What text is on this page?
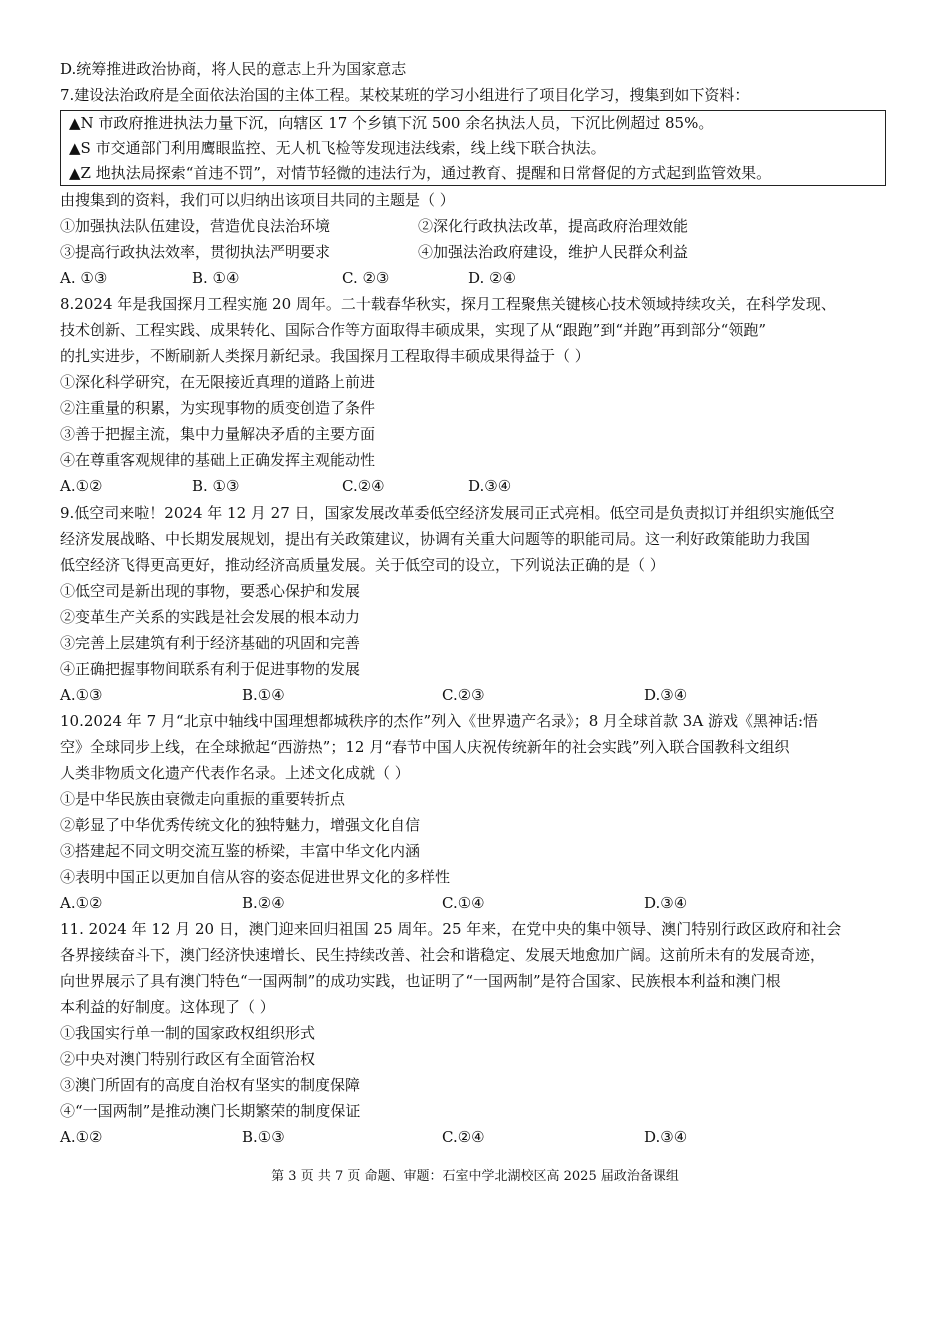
D.统筹推进政治协商，将人民的意志上升为国家意志
7.建设法治政府是全面依法治国的主体工程。某校某班的学习小组进行了项目化学习，搜集到如下资料：
▲N 市政府推进执法力量下沉，向辖区 17 个乡镇下沉 500 余名执法人员，下沉比例超过 85%。
▲S 市交通部门利用鹰眼监控、无人机飞检等发现违法线索，线上线下联合执法。
▲Z 地执法局探索“首违不罚”，对情节轻微的违法行为，通过教育、提醒和日常督促的方式起到监管效果。
由搜集到的资料，我们可以归纳出该项目共同的主题是（ ）
①加强执法队伍建设，营造优良法治环境	②深化行政执法改革，提高政府治理效能
③提高行政执法效率，贯彻执法严明要求	④加强法治政府建设，维护人民群众利益
A. ①③	B. ①④	C. ②③	D. ②④
8.2024 年是我国探月工程实施 20 周年。二十载春华秋实，探月工程聚焦关键核心技术领域持续攻关，在科学发现、
技术创新、工程实践、成果转化、国际合作等方面取得丰硕成果，实现了从“跟跑”到“并跑”再到部分“领跑”
的扎实进步，不断刷新人类探月新纪录。我国探月工程取得丰硕成果得益于（ ）
①深化科学研究，在无限接近真理的道路上前进
②注重量的积累，为实现事物的质变创造了条件
③善于把握主流，集中力量解决矛盾的主要方面
④在尊重客观规律的基础上正确发挥主观能动性
A.①②	B. ①③	C.②④	D.③④
9.低空司来啦！2024 年 12 月 27 日，国家发展改革委低空经济发展司正式亮相。低空司是负责拟订并组织实施低空
经济发展战略、中长期发展规划，提出有关政策建议，协调有关重大问题等的职能司局。这一利好政策能助力我国
低空经济飞得更高更好，推动经济高质量发展。关于低空司的设立，下列说法正确的是（ ）
①低空司是新出现的事物，要悉心保护和发展
②变革生产关系的实践是社会发展的根本动力
③完善上层建筑有利于经济基础的巩固和完善
④正确把握事物间联系有利于促进事物的发展
A.①③	B.①④	C.②③	D.③④
10.2024 年 7 月“北京中轴线中国理想都城秩序的杰作”列入《世界遗产名录》；8 月全球首款 3A 游戏《黑神话:悟
空》全球同步上线，在全球掀起“西游热”；12 月“春节中国人庆祝传统新年的社会实践”列入联合国教科文组织
人类非物质文化遗产代表作名录。上述文化成就（ ）
①是中华民族由衰微走向重振的重要转折点
②彰显了中华优秀传统文化的独特魅力，增强文化自信
③搭建起不同文明交流互鉴的桥梁，丰富中华文化内涵
④表明中国正以更加自信从容的姿态促进世界文化的多样性
A.①②	B.②④	C.①④	D.③④
11. 2024 年 12 月 20 日，澳门迎来回归祖国 25 周年。25 年来，在党中央的集中领导、澳门特别行政区政府和社会
各界接续奋斗下，澳门经济快速增长、民生持续改善、社会和谐稳定、发展天地愈加广阔。这前所未有的发展奇迹，
向世界展示了具有澳门特色“一国两制”的成功实践，也证明了“一国两制”是符合国家、民族根本利益和澳门根
本利益的好制度。这体现了（ ）
①我国实行单一制的国家政权组织形式
②中央对澳门特别行政区有全面管治权
③澳门所固有的高度自治权有坚实的制度保障
④“一国两制”是推动澳门长期繁荣的制度保证
A.①②	B.①③	C.②④	D.③④
第 3 页 共 7 页 命题、审题：石室中学北湖校区高 2025 届政治备课组
